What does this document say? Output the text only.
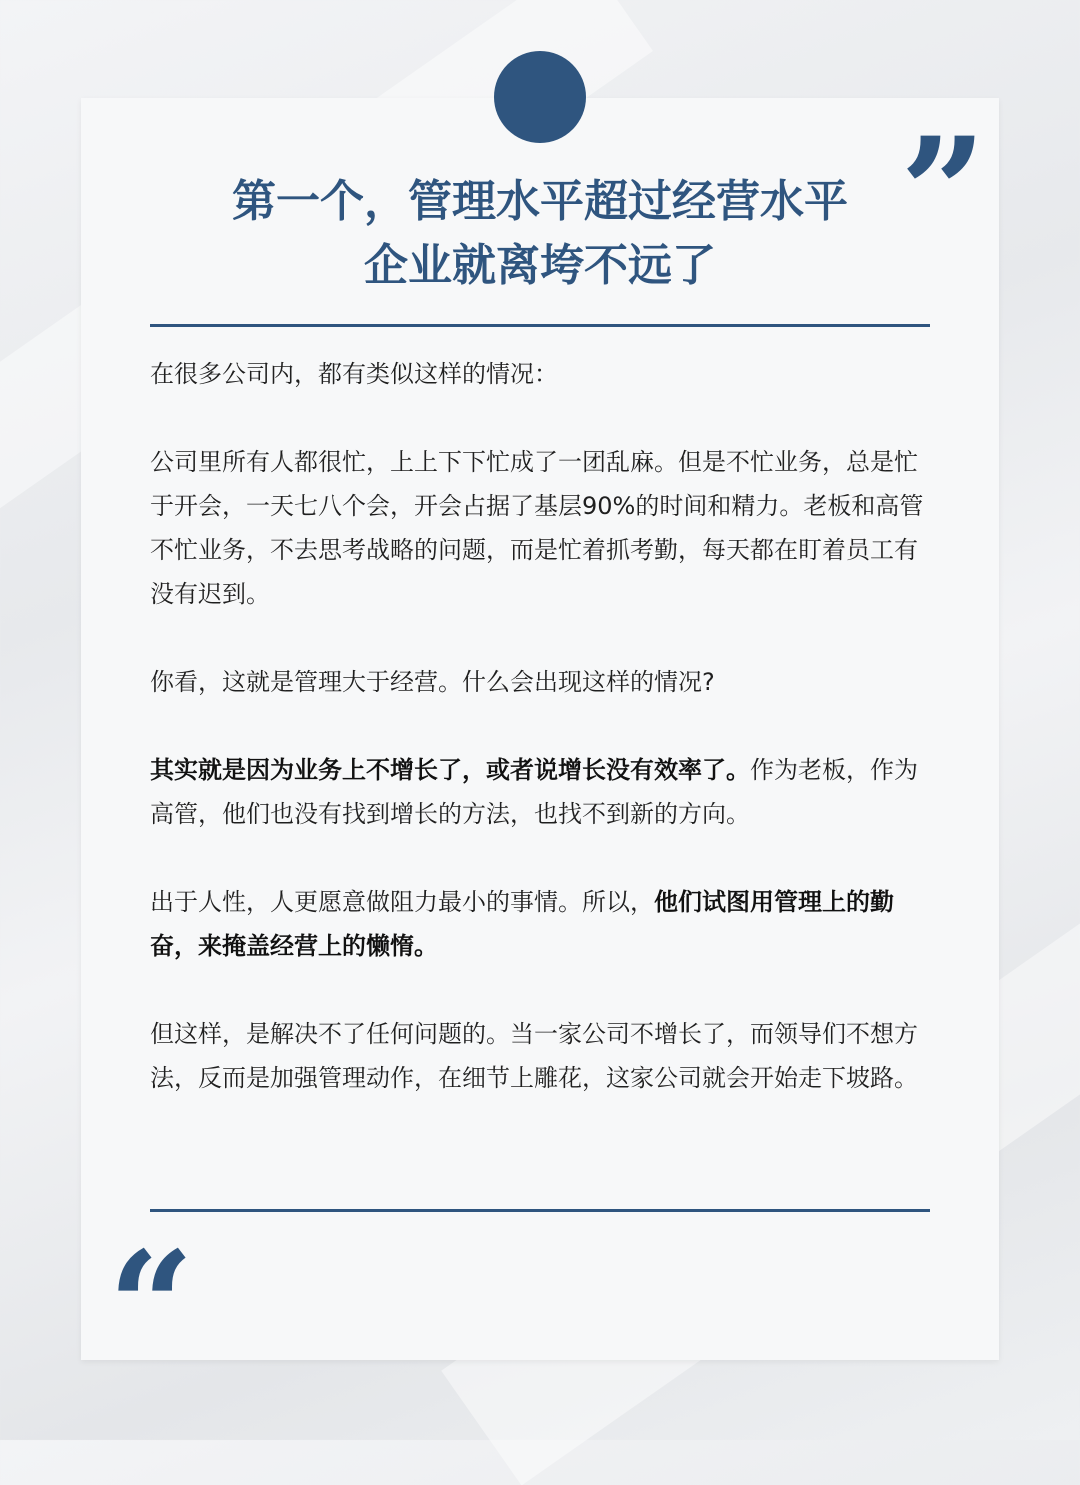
”
第一个，管理水平超过经营水平
企业就离垮不远了

在很多公司内，都有类似这样的情况：

公司里所有人都很忙，上上下下忙成了一团乱麻。但是不忙业务，总是忙于开会，一天七八个会，开会占据了基层90%的时间和精力。老板和高管不忙业务，不去思考战略的问题，而是忙着抓考勤，每天都在盯着员工有没有迟到。

你看，这就是管理大于经营。什么会出现这样的情况?

其实就是因为业务上不增长了，或者说增长没有效率了。作为老板，作为高管，他们也没有找到增长的方法，也找不到新的方向。

出于人性，人更愿意做阻力最小的事情。所以，他们试图用管理上的勤奋，来掩盖经营上的懒惰。

但这样，是解决不了任何问题的。当一家公司不增长了，而领导们不想方法，反而是加强管理动作，在细节上雕花，这家公司就会开始走下坡路。

“
